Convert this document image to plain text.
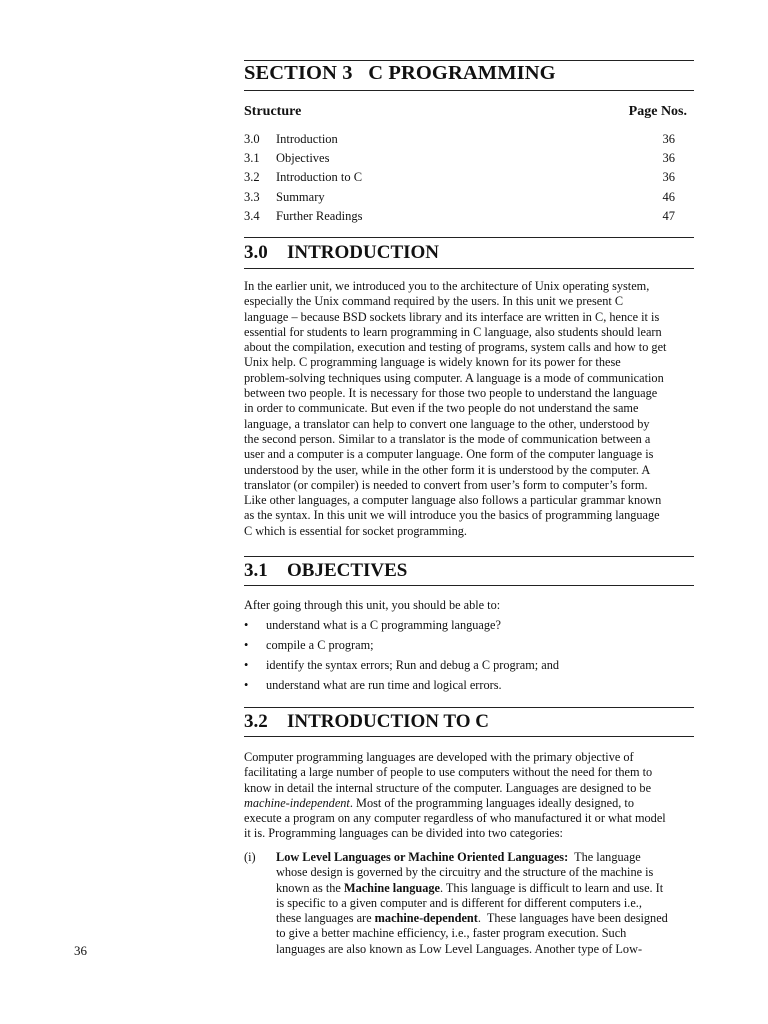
SECTION 3   C PROGRAMMING
Structure	Page Nos.
3.0 Introduction	36
3.1 Objectives	36
3.2 Introduction to C	36
3.3 Summary	46
3.4 Further Readings	47
3.0 INTRODUCTION

In the earlier unit, we introduced you to the architecture of Unix operating system,

especially the Unix command required by the users. In this unit we present C

language – because BSD sockets library and its interface are written in C, hence it is

essential for students to learn programming in C language, also students should learn

about the compilation, execution and testing of programs, system calls and how to get

Unix help. C programming language is widely known for its power for these

problem-solving techniques using computer. A language is a mode of communication

between two people. It is necessary for those two people to understand the language

in order to communicate. But even if the two people do not understand the same

language, a translator can help to convert one language to the other, understood by

the second person. Similar to a translator is the mode of communication between a

user and a computer is a computer language. One form of the computer language is

understood by the user, while in the other form it is understood by the computer. A

translator (or compiler) is needed to convert from user’s form to computer’s form.

Like other languages, a computer language also follows a particular grammar known

as the syntax. In this unit we will introduce you the basics of programming language

C which is essential for socket programming.

3.1 OBJECTIVES

After going through this unit, you should be able to:

• understand what is a C programming language?
• compile a C program;
• identify the syntax errors; Run and debug a C program; and
• understand what are run time and logical errors.
3.2 INTRODUCTION TO C

Computer programming languages are developed with the primary objective of

facilitating a large number of people to use computers without the need for them to

know in detail the internal structure of the computer. Languages are designed to be

machine-independent. Most of the programming languages ideally designed, to

execute a program on any computer regardless of who manufactured it or what model

it is. Programming languages can be divided into two categories:

(i) Low Level Languages or Machine Oriented Languages:  The language

whose design is governed by the circuitry and the structure of the machine is

known as the Machine language. This language is difficult to learn and use. It

is specific to a given computer and is different for different computers i.e.,

these languages are machine-dependent.  These languages have been designed

to give a better machine efficiency, i.e., faster program execution. Such

languages are also known as Low Level Languages. Another type of Low-

36
